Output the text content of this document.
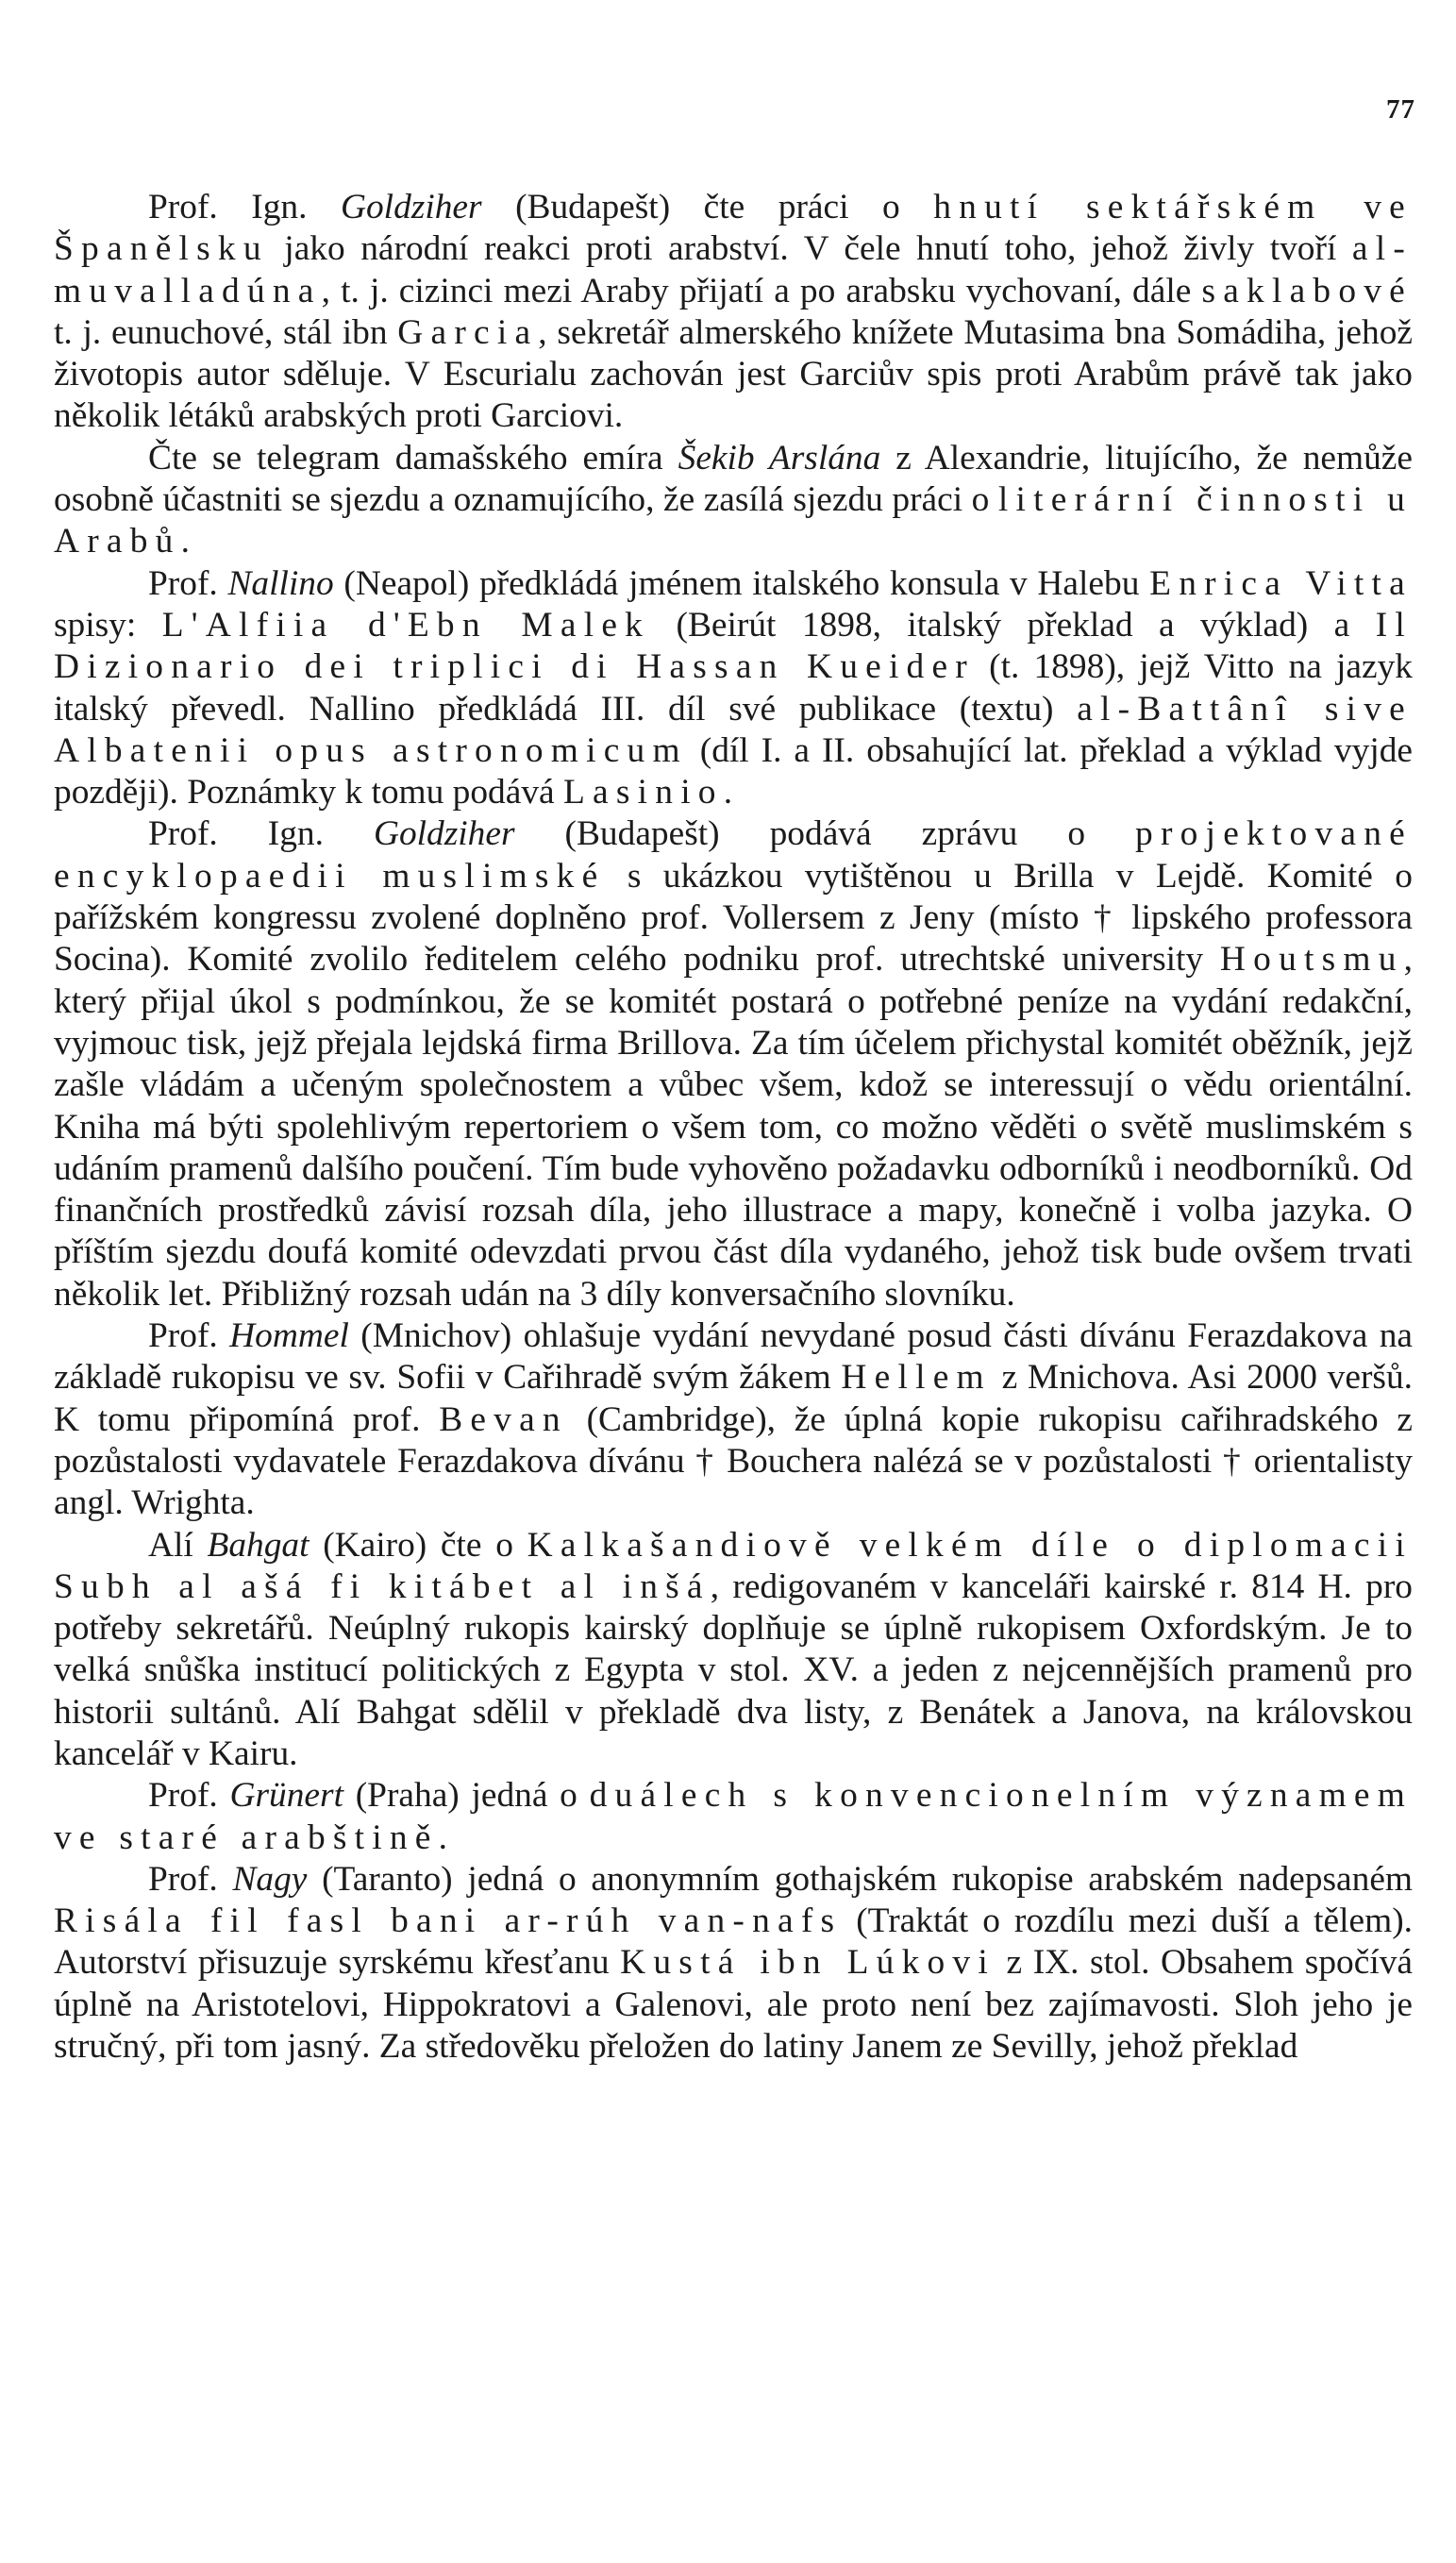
77

Prof. Ign. Goldziher (Budapešt) čte práci o hnutí sektářském ve Španělsku jako národní reakci proti arabství. V čele hnutí toho, jehož živly tvoří al-muvalladúna, t. j. cizinci mezi Araby přijatí a po arabsku vychovaní, dále saklabové t. j. eunuchové, stál ibn Garcia, sekretář almerského knížete Mutasima bna Somádiha, jehož životopis autor sděluje. V Escurialu zachován jest Garciův spis proti Arabům právě tak jako několik létáků arabských proti Garciovi.

Čte se telegram damašského emíra Šekib Arslána z Alexandrie, litujícího, že nemůže osobně účastniti se sjezdu a oznamujícího, že zasílá sjezdu práci o literární činnosti u Arabů.

Prof. Nallino (Neapol) předkládá jménem italského konsula v Halebu Enrica Vitta spisy: L'Alfiia d'Ebn Malek (Beirút 1898, italský překlad a výklad) a Il Dizionario dei triplici di Hassan Kueider (t. 1898), jejž Vitto na jazyk italský převedl. Nallino předkládá III. díl své publikace (textu) al-Battânî sive Albatenii opus astronomicum (díl I. a II. obsahující lat. překlad a výklad vyjde později). Poznámky k tomu podává Lasinio.

Prof. Ign. Goldziher (Budapešt) podává zprávu o projektované encyklopaedii muslimské s ukázkou vytištěnou u Brilla v Lejdě. Komité o pařížském kongressu zvolené doplněno prof. Vollersem z Jeny (místo † lipského professora Socina). Komité zvolilo ředitelem celého podniku prof. utrechtské university Houtsmu, který přijal úkol s podmínkou, že se komitét postará o potřebné peníze na vydání redakční, vyjmouc tisk, jejž přejala lejdská firma Brillova. Za tím účelem přichystal komitét oběžník, jejž zašle vládám a učeným společnostem a vůbec všem, kdož se interessují o vědu orientální. Kniha má býti spolehlivým repertoriem o všem tom, co možno věděti o světě muslimském s udáním pramenů dalšího poučení. Tím bude vyhověno požadavku odborníků i neodborníků. Od finančních prostředků závisí rozsah díla, jeho illustrace a mapy, konečně i volba jazyka. O příštím sjezdu doufá komité odevzdati prvou část díla vydaného, jehož tisk bude ovšem trvati několik let. Přibližný rozsah udán na 3 díly konversačního slovníku.

Prof. Hommel (Mnichov) ohlašuje vydání nevydané posud části dívánu Ferazdakova na základě rukopisu ve sv. Sofii v Cařihradě svým žákem Hellem z Mnichova. Asi 2000 veršů. K tomu připomíná prof. Bevan (Cambridge), že úplná kopie rukopisu cařihradského z pozůstalosti vydavatele Ferazdakova dívánu † Bouchera nalézá se v pozůstalosti † orientalisty angl. Wrighta.

Alí Bahgat (Kairo) čte o Kalkašandiově velkém díle o diplomacii Subh al ašá fi kitábet al inšá, redigovaném v kanceláři kairské r. 814 H. pro potřeby sekretářů. Neúplný rukopis kairský doplňuje se úplně rukopisem Oxfordským. Je to velká snůška institucí politických z Egypta v stol. XV. a jeden z nejcennějších pramenů pro historii sultánů. Alí Bahgat sdělil v překladě dva listy, z Benátek a Janova, na královskou kancelář v Kairu.

Prof. Grünert (Praha) jedná o duálech s konvencionelním významem ve staré arabštině.

Prof. Nagy (Taranto) jedná o anonymním gothajském rukopise arabském nadepsaném Risála fil fasl bani ar-rúh van-nafs (Traktát o rozdílu mezi duší a tělem). Autorství přisuzuje syrskému křesťanu Kustá ibn Lúkovi z IX. stol. Obsahem spočívá úplně na Aristotelovi, Hippokratovi a Galenovi, ale proto není bez zajímavosti. Sloh jeho je stručný, při tom jasný. Za středověku přeložen do latiny Janem ze Sevilly, jehož překlad
